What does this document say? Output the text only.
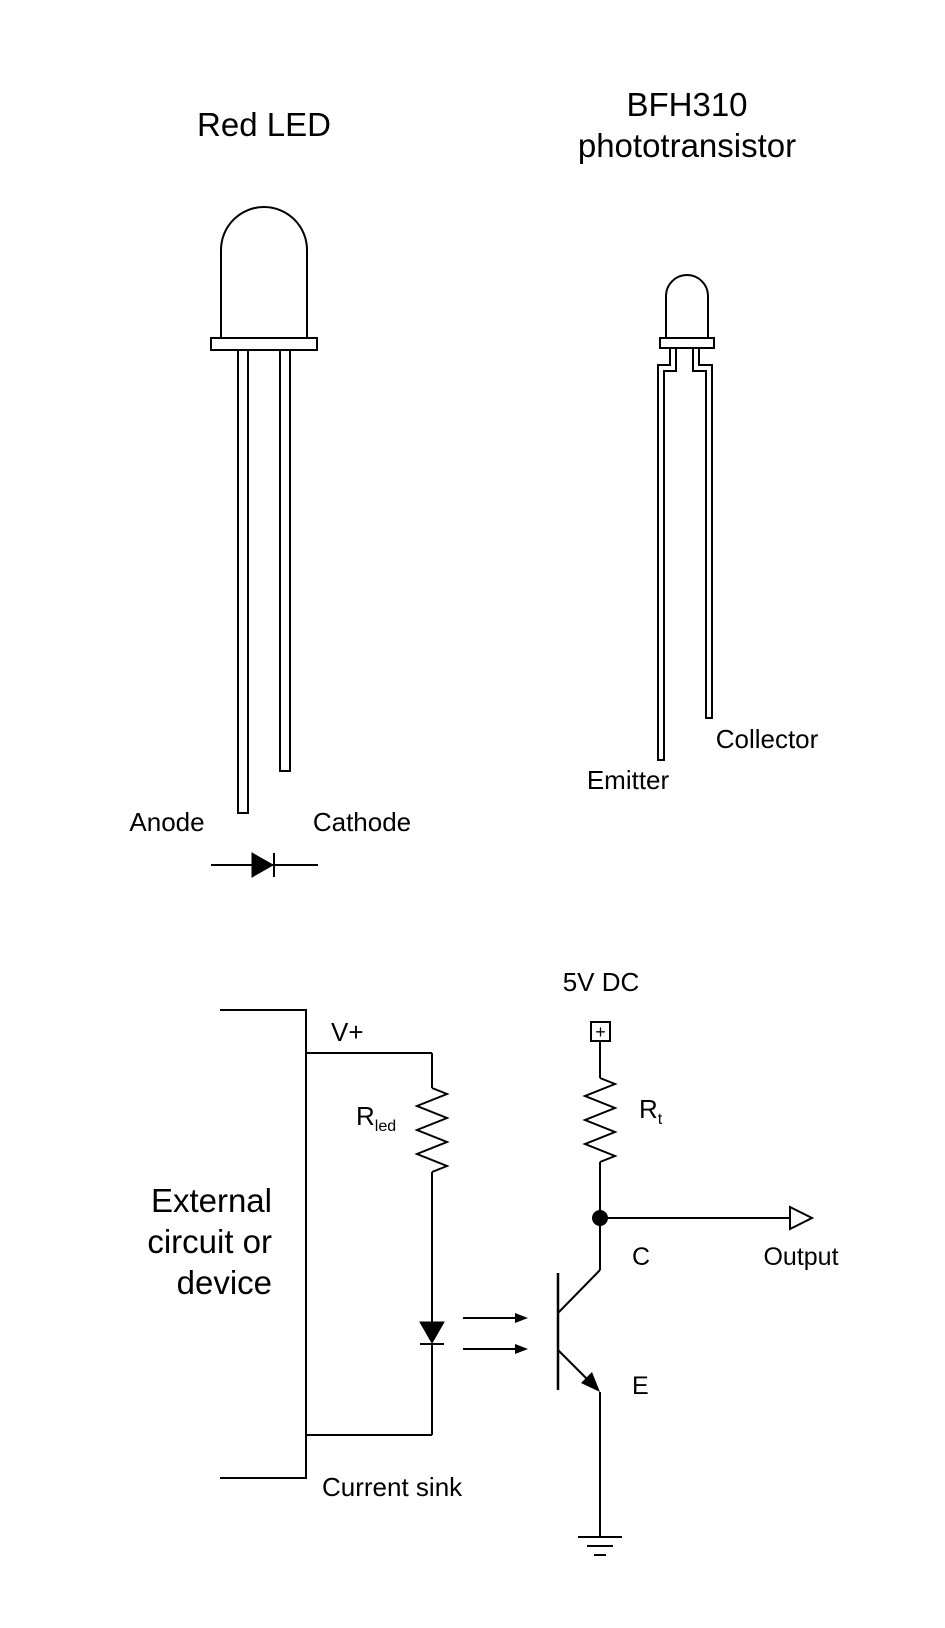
Red LED
Anode	Cathode
BFH310
phototransistor
Emitter
Collector
External
circuit or
device
V+
Current sink
$R_{led}$
5V DC
+
$R_t$
Output
C
E
